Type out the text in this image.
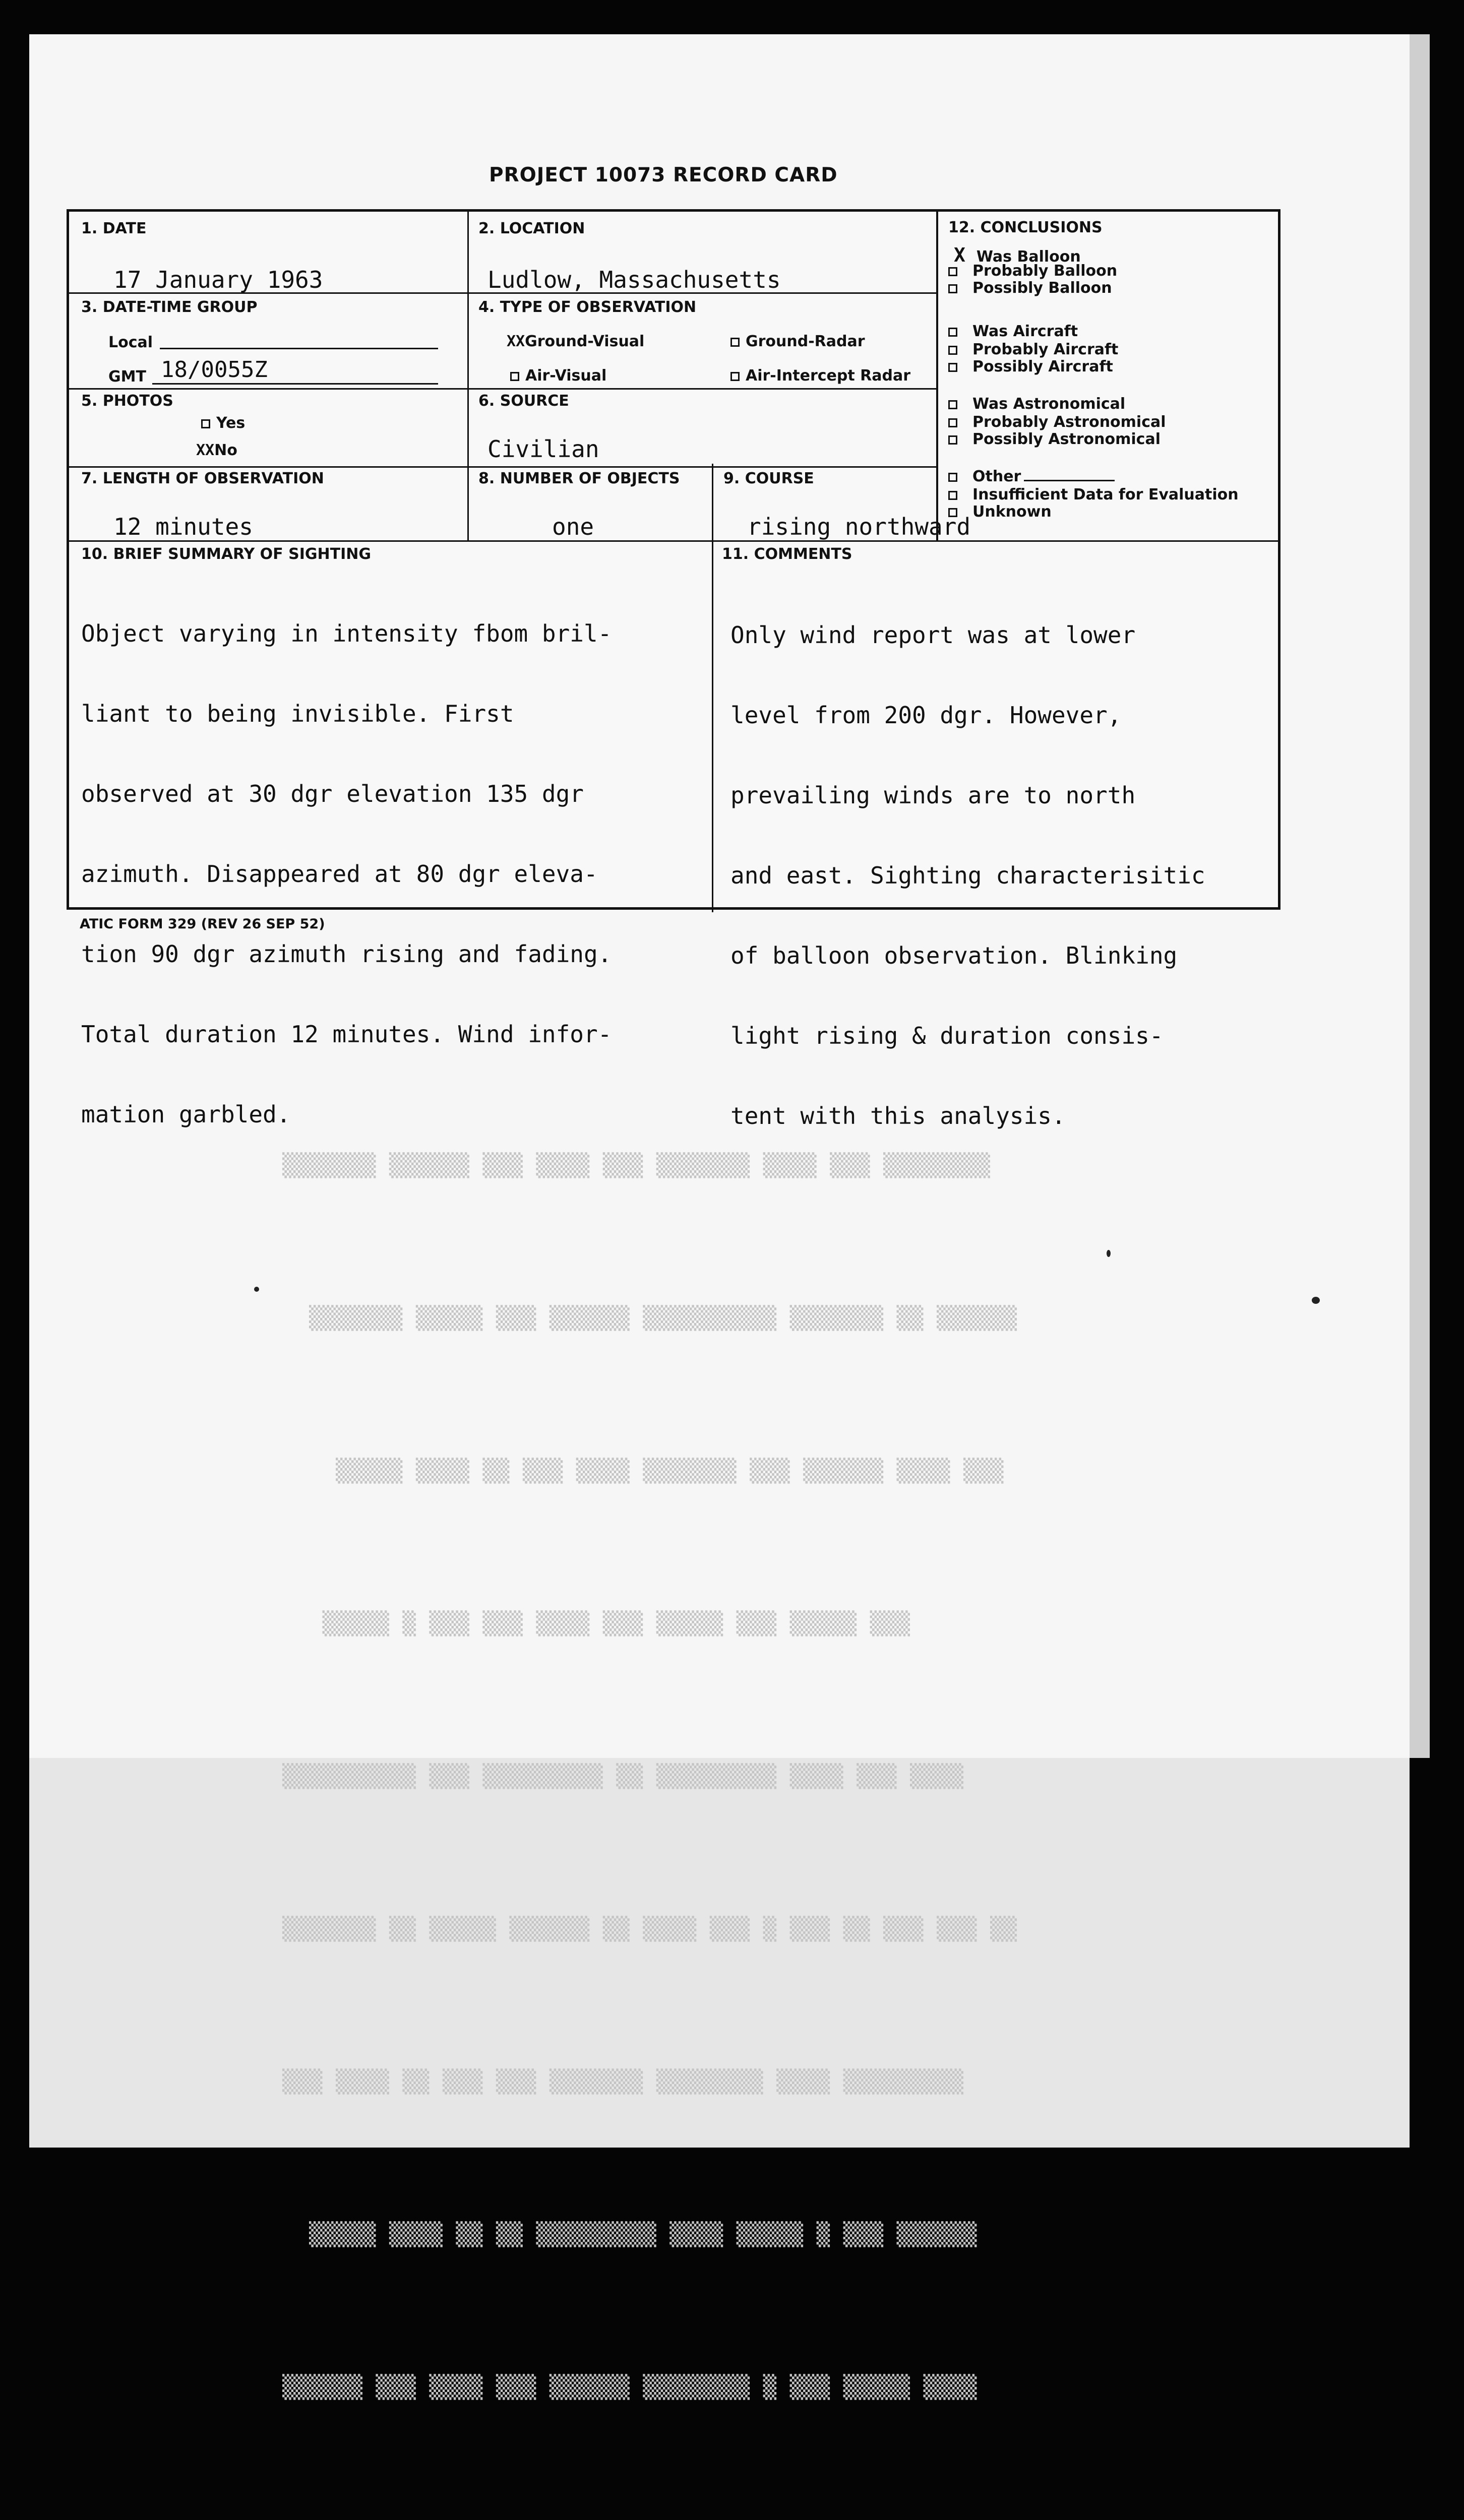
▒▒▒▒▒▒▒ ▒▒▒▒▒▒ ▒▒▒ ▒▒▒▒ ▒▒▒ ▒▒▒▒▒▒▒ ▒▒▒▒ ▒▒▒ ▒▒▒▒▒▒▒▒

▒▒▒▒▒▒▒ ▒▒▒▒▒ ▒▒▒ ▒▒▒▒▒▒ ▒▒▒▒▒▒▒▒▒▒ ▒▒▒▒▒▒▒ ▒▒ ▒▒▒▒▒▒

▒▒▒▒▒ ▒▒▒▒ ▒▒ ▒▒▒ ▒▒▒▒ ▒▒▒▒▒▒▒ ▒▒▒ ▒▒▒▒▒▒ ▒▒▒▒ ▒▒▒

▒▒▒▒▒ ▒ ▒▒▒ ▒▒▒ ▒▒▒▒ ▒▒▒ ▒▒▒▒▒ ▒▒▒ ▒▒▒▒▒ ▒▒▒

▒▒▒▒▒▒▒▒▒▒ ▒▒▒ ▒▒▒▒▒▒▒▒▒ ▒▒ ▒▒▒▒▒▒▒▒▒ ▒▒▒▒ ▒▒▒ ▒▒▒▒

▒▒▒▒▒▒▒ ▒▒ ▒▒▒▒▒ ▒▒▒▒▒▒ ▒▒ ▒▒▒▒ ▒▒▒ ▒ ▒▒▒ ▒▒ ▒▒▒ ▒▒▒ ▒▒

▒▒▒ ▒▒▒▒ ▒▒ ▒▒▒ ▒▒▒ ▒▒▒▒▒▒▒ ▒▒▒▒▒▒▒▒ ▒▒▒▒ ▒▒▒▒▒▒▒▒▒

▒▒▒▒▒ ▒▒▒▒ ▒▒ ▒▒ ▒▒▒▒▒▒▒▒▒ ▒▒▒▒ ▒▒▒▒▒ ▒ ▒▒▒ ▒▒▒▒▒▒

▒▒▒▒▒▒ ▒▒▒ ▒▒▒▒ ▒▒▒ ▒▒▒▒▒▒ ▒▒▒▒▒▒▒▒ ▒ ▒▒▒ ▒▒▒▒▒ ▒▒▒▒

PROJECT 10073 RECORD CARD
1. DATE
17 January 1963
2. LOCATION
Ludlow, Massachusetts
3. DATE-TIME GROUP
Local
GMT 18/0055Z
4. TYPE OF OBSERVATION
XXGround-Visual	Ground-Radar
Air-Visual	Air-Intercept Radar
5. PHOTOS
Yes
XXNo
6. SOURCE
Civilian
7. LENGTH OF OBSERVATION
12 minutes
8. NUMBER OF OBJECTS
one
9. COURSE
rising northward
10. BRIEF SUMMARY OF SIGHTING

Object varying in intensity fbom bril-

liant to being invisible. First

observed at 30 dgr elevation 135 dgr

azimuth. Disappeared at 80 dgr eleva-

tion 90 dgr azimuth rising and fading.

Total duration 12 minutes. Wind infor-

mation garbled.

11. COMMENTS

Only wind report was at lower

level from 200 dgr. However,

prevailing winds are to north

and east. Sighting characterisitic

of balloon observation. Blinking

light rising & duration consis-

tent with this analysis.

12. CONCLUSIONS
X Was Balloon
Probably Balloon
Possibly Balloon
Was Aircraft
Probably Aircraft
Possibly Aircraft
Was Astronomical
Probably Astronomical
Possibly Astronomical
Other
Insufficient Data for Evaluation
Unknown
ATIC FORM 329 (REV 26 SEP 52)
